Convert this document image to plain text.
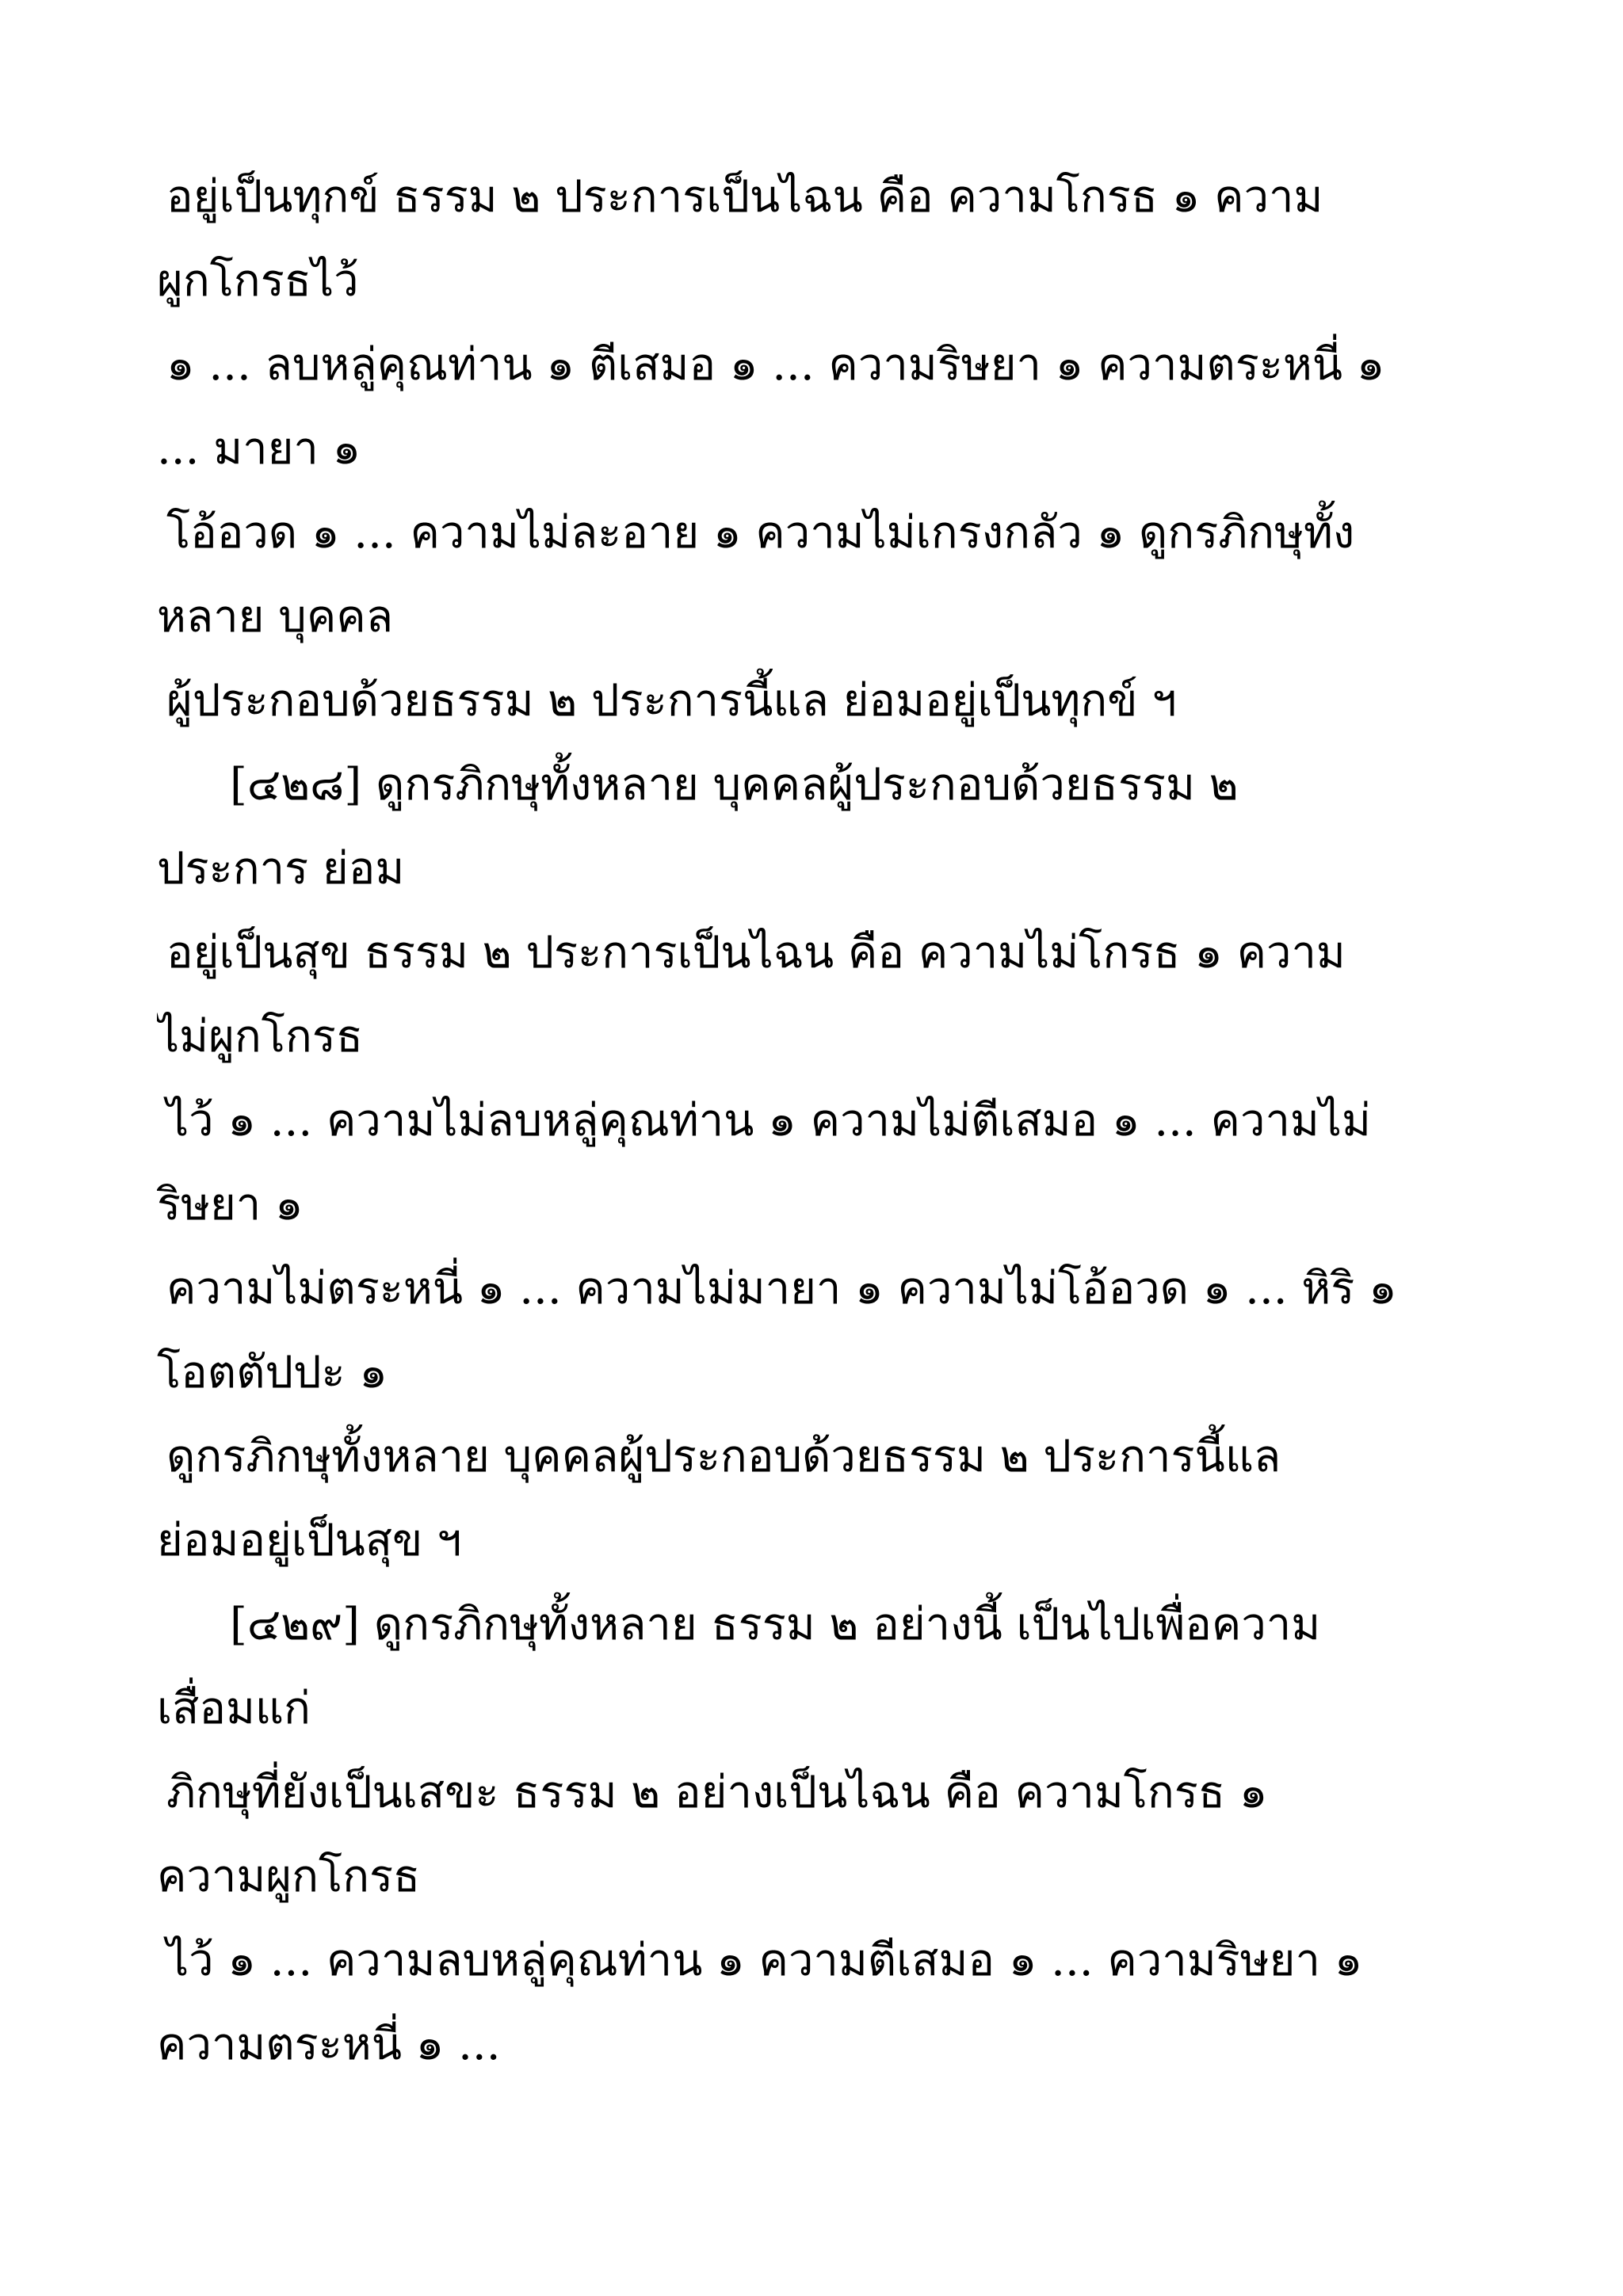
อยู่เป็นทุกข์ ธรรม ๒ ประการเป็นไฉน คือ ความโกรธ ๑ ความ
ผูกโกรธไว้
๑ ... ลบหลู่คุณท่าน ๑ ตีเสมอ ๑ ... ความริษยา ๑ ความตระหนี่ ๑
... มายา ๑
โอ้อวด ๑ ... ความไม่ละอาย ๑ ความไม่เกรงกลัว ๑ ดูกรภิกษุทั้ง
หลาย บุคคล
ผู้ประกอบด้วยธรรม ๒ ประการนี้แล ย่อมอยู่เป็นทุกข์ ฯ
[๔๒๘] ดูกรภิกษุทั้งหลาย บุคคลผู้ประกอบด้วยธรรม ๒
ประการ ย่อม
อยู่เป็นสุข ธรรม ๒ ประการเป็นไฉน คือ ความไม่โกรธ ๑ ความ
ไม่ผูกโกรธ
ไว้ ๑ ... ความไม่ลบหลู่คุณท่าน ๑ ความไม่ตีเสมอ ๑ ... ความไม่
ริษยา ๑
ความไม่ตระหนี่ ๑ ... ความไม่มายา ๑ ความไม่โอ้อวด ๑ ... หิริ ๑
โอตตัปปะ ๑
ดูกรภิกษุทั้งหลาย บุคคลผู้ประกอบด้วยธรรม ๒ ประการนี้แล
ย่อมอยู่เป็นสุข ฯ
[๔๒๙] ดูกรภิกษุทั้งหลาย ธรรม ๒ อย่างนี้ เป็นไปเพื่อความ
เสื่อมแก่
ภิกษุที่ยังเป็นเสขะ ธรรม ๒ อย่างเป็นไฉน คือ ความโกรธ ๑
ความผูกโกรธ
ไว้ ๑ ... ความลบหลู่คุณท่าน ๑ ความตีเสมอ ๑ ... ความริษยา ๑
ความตระหนี่ ๑ ...
